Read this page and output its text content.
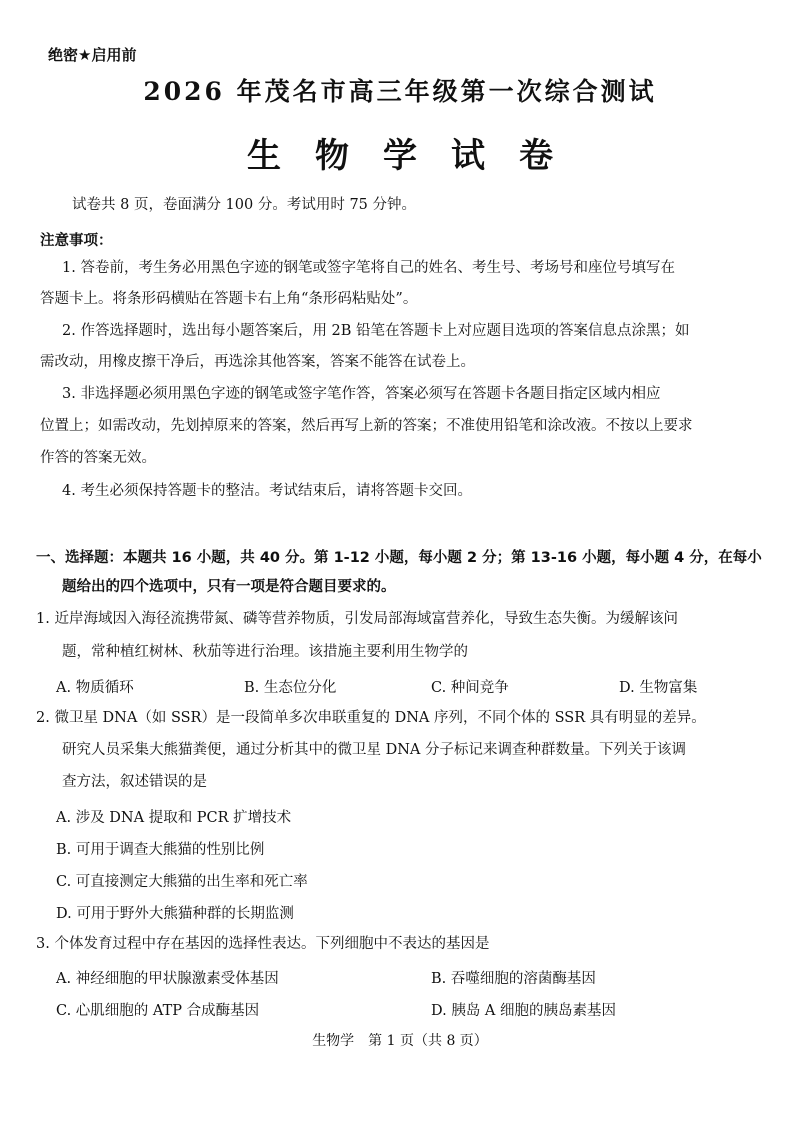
绝密★启用前
2026 年茂名市高三年级第一次综合测试
生物学试卷
试卷共 8 页，卷面满分 100 分。考试用时 75 分钟。
注意事项：
1. 答卷前，考生务必用黑色字迹的钢笔或签字笔将自己的姓名、考生号、考场号和座位号填写在
答题卡上。将条形码横贴在答题卡右上角“条形码粘贴处”。
2. 作答选择题时，选出每小题答案后，用 2B 铅笔在答题卡上对应题目选项的答案信息点涂黑；如
需改动，用橡皮擦干净后，再选涂其他答案，答案不能答在试卷上。
3. 非选择题必须用黑色字迹的钢笔或签字笔作答，答案必须写在答题卡各题目指定区域内相应
位置上；如需改动，先划掉原来的答案，然后再写上新的答案；不准使用铅笔和涂改液。不按以上要求
作答的答案无效。
4. 考生必须保持答题卡的整洁。考试结束后，请将答题卡交回。
一、选择题：本题共 16 小题，共 40 分。第 1-12 小题，每小题 2 分；第 13-16 小题，每小题 4 分，在每小
题给出的四个选项中，只有一项是符合题目要求的。
1. 近岸海域因入海径流携带氮、磷等营养物质，引发局部海域富营养化，导致生态失衡。为缓解该问
题，常种植红树林、秋茄等进行治理。该措施主要利用生物学的
A. 物质循环	B. 生态位分化	C. 种间竞争	D. 生物富集
2. 微卫星 DNA（如 SSR）是一段简单多次串联重复的 DNA 序列，不同个体的 SSR 具有明显的差异。
研究人员采集大熊猫粪便，通过分析其中的微卫星 DNA 分子标记来调查种群数量。下列关于该调
查方法，叙述错误的是
A. 涉及 DNA 提取和 PCR 扩增技术
B. 可用于调查大熊猫的性别比例
C. 可直接测定大熊猫的出生率和死亡率
D. 可用于野外大熊猫种群的长期监测
3. 个体发育过程中存在基因的选择性表达。下列细胞中不表达的基因是
A. 神经细胞的甲状腺激素受体基因	B. 吞噬细胞的溶菌酶基因
C. 心肌细胞的 ATP 合成酶基因	D. 胰岛 A 细胞的胰岛素基因
生物学　第 1 页（共 8 页）
